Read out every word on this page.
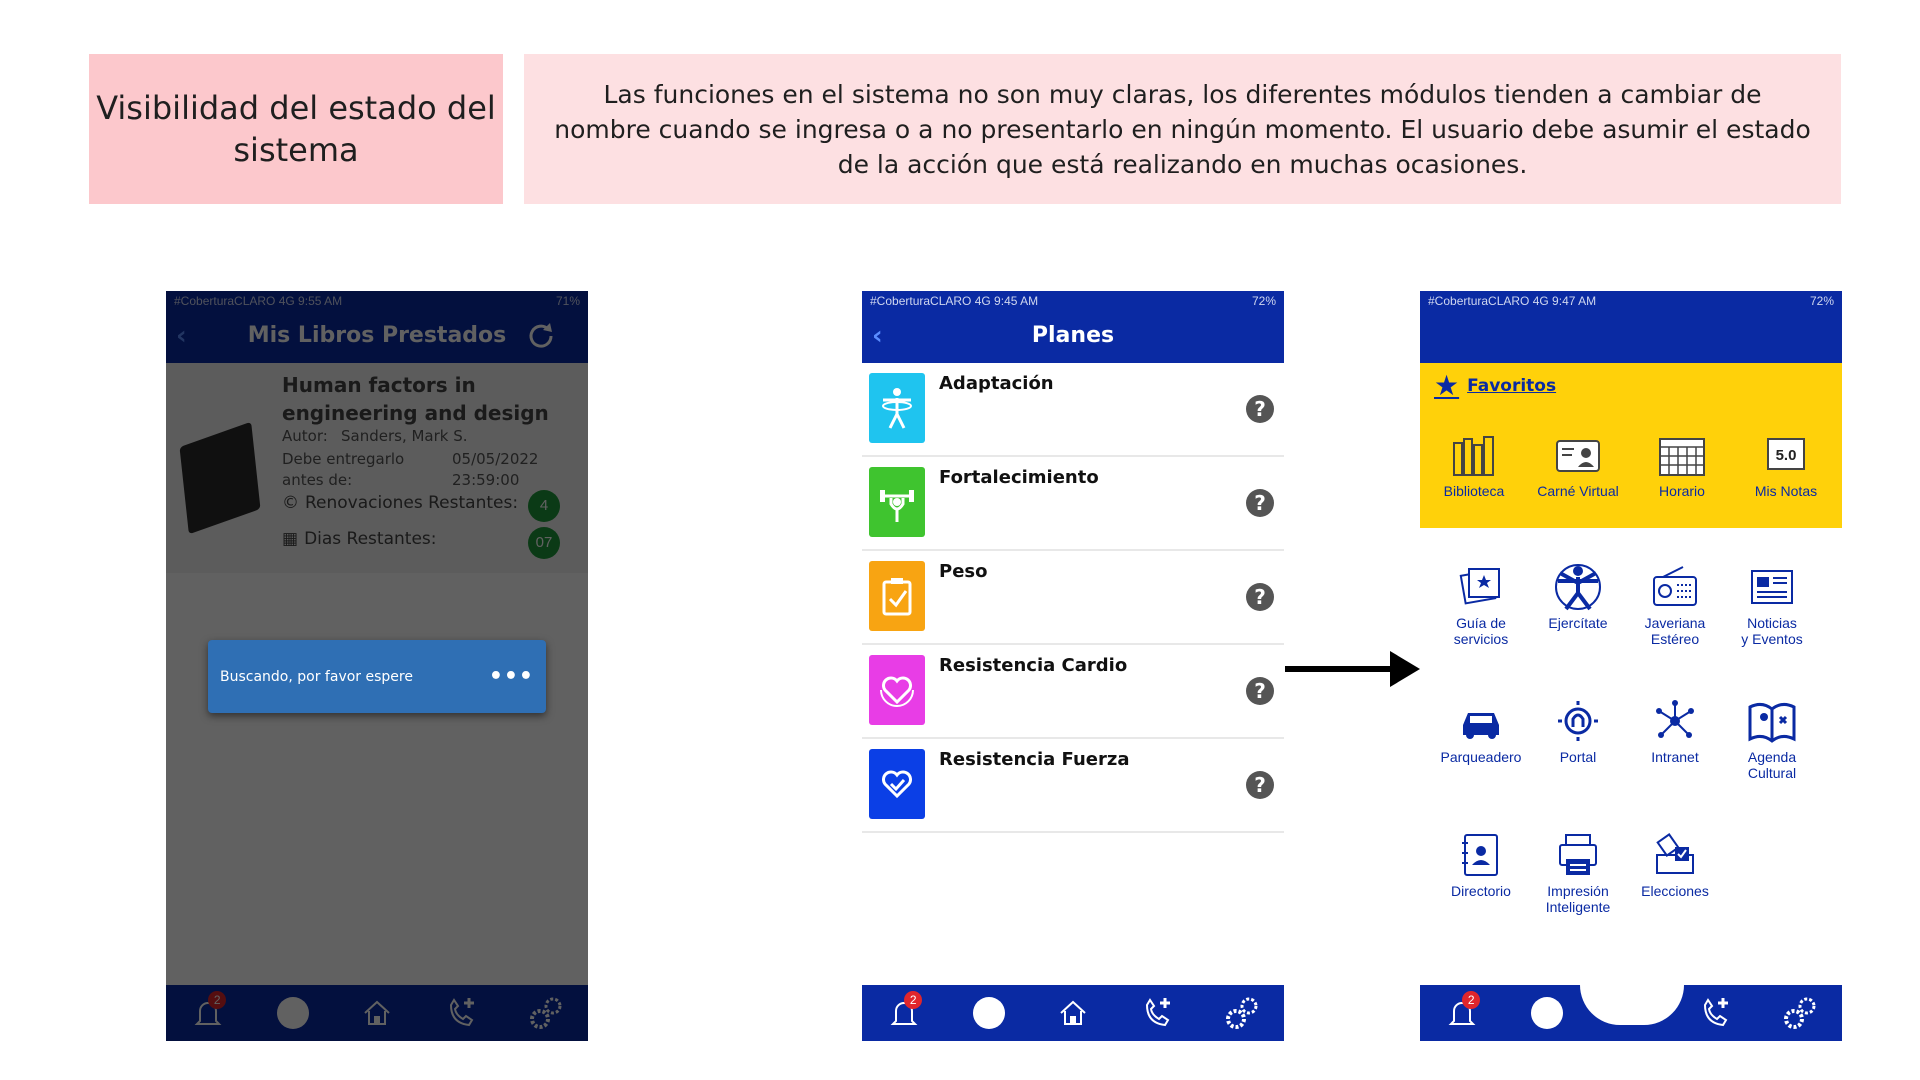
Visibilidad del estado del sistema
Las funciones en el sistema no son muy claras, los diferentes módulos tienden a cambiar de nombre cuando se ingresa o a no presentarlo en ningún momento. El usuario debe asumir el estado de la acción que está realizando en muchas ocasiones.
Buscando, por favor espere	•••
#CoberturaCLARO 4G 9:45 AM	72%
‹	Planes
Adaptación
?
Fortalecimiento
?
Peso
?
Resistencia Cardio
?
Resistencia Fuerza
?
2
#CoberturaCLARO 4G 9:47 AM	72%
★ Favoritos
Biblioteca	Carné Virtual	Horario
5.0
Mis Notas
Guía de
servicios
Ejercítate	Javeriana
Estéreo
Noticias
y Eventos
Parqueadero	Portal	Intranet	Agenda
Cultural
Directorio	Impresión
Inteligente
Elecciones
2
